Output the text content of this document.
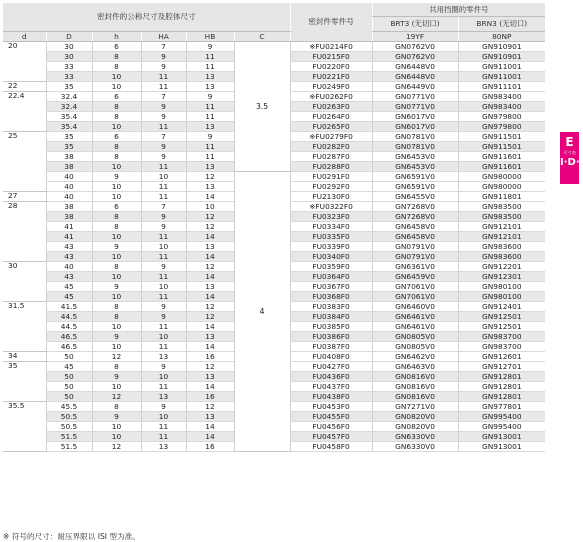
密封件的公称尺寸及腔体尺寸						密封件零件号	共用挡圈的零件号	
							BRT3 (无切口)	BRN3 (无切口)
d	D	h	HA	HB	C		19YF	80NP
20	30	6	7	9	3.5	※FU0214F0	GN0762V0	GN910901
	30	8	9	11		FU0215F0	GN0762V0	GN910901
	33	8	9	11		FU0220F0	GN6448V0	GN911001
	33	10	11	13		FU0221F0	GN6448V0	GN911001
22	35	10	11	13		FU0249F0	GN6449V0	GN911101
22.4	32.4	6	7	9		※FU0262F0	GN0771V0	GN983400
	32.4	8	9	11		FU0263F0	GN0771V0	GN983400
	35.4	8	9	11		FU0264F0	GN6017V0	GN979800
	35.4	10	11	13		FU0265F0	GN6017V0	GN979800
25	35	6	7	9		※FU0279F0	GN0781V0	GN911501
	35	8	9	11		FU0282F0	GN0781V0	GN911501
	38	8	9	11		FU0287F0	GN6453V0	GN911601
	38	10	11	13		FU0288F0	GN6453V0	GN911601
	40	9	10	12	4	FU0291F0	GN6591V0	GN980000
	40	10	11	13		FU0292F0	GN6591V0	GN980000
27	40	10	11	14		FU2130F0	GN6455V0	GN911801
28	38	6	7	10		※FU0322F0	GN7268V0	GN983500
	38	8	9	12		FU0323F0	GN7268V0	GN983500
	41	8	9	12		FU0334F0	GN6458V0	GN912101
	41	10	11	14		FU0335F0	GN6458V0	GN912101
	43	9	10	13		FU0339F0	GN0791V0	GN983600
	43	10	11	14		FU0340F0	GN0791V0	GN983600
30	40	8	9	12		FU0359F0	GN6361V0	GN912201
	43	10	11	14		FU0364F0	GN6459V0	GN912301
	45	9	10	13		FU0367F0	GN7061V0	GN980100
	45	10	11	14		FU0368F0	GN7061V0	GN980100
31.5	41.5	8	9	12		FU0383F0	GN6460V0	GN912401
	44.5	8	9	12		FU0384F0	GN6461V0	GN912501
	44.5	10	11	14		FU0385F0	GN6461V0	GN912501
	46.5	9	10	13		FU0386F0	GN0805V0	GN983700
	46.5	10	11	14		FU0387F0	GN0805V0	GN983700
34	50	12	13	16		FU0408F0	GN6462V0	GN912601
35	45	8	9	12		FU0427F0	GN6463V0	GN912701
	50	9	10	13		FU0436F0	GN0816V0	GN912801
	50	10	11	14		FU0437F0	GN0816V0	GN912801
	50	12	13	16		FU0438F0	GN0816V0	GN912801
35.5	45.5	8	9	12		FU0453F0	GN7271V0	GN977801
	50.5	9	10	13		FU0455F0	GN0820V0	GN995400
	50.5	10	11	14		FU0456F0	GN0820V0	GN995400
	51.5	10	11	14		FU0457F0	GN6330V0	GN913001
	51.5	12	13	16		FU0458F0	GN6330V0	GN913001
※ 符号的尺寸：耐压界限以 ISI 型为准。
E
尺寸表
I·D·I
